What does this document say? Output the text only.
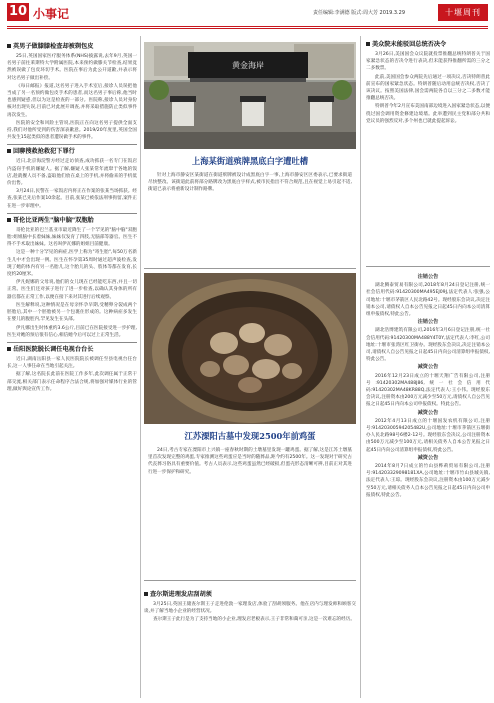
10 小事记	责任编辑:李满德 版式:周大芳 2019.3.29	十堰周刊
英男子做膝膝检查却被剃包皮

25日,英国国家医疗服务体系(NHS)披露说,去年9月,英国一名男子前往莱斯特大学附属医院,本来预约做膝关节检查,结果竟然被误做了包皮环切手术。医院在事后为此公开道歉,并表示将对这名男子做出补偿。

《每日邮报》报道,这名男子进入手术室后,接诊人员误把他当成了另一名预约做包皮手术的患者,而这名男子事后称,他当时也感到疑惑,但以为这是检查的一部分。医院称,接诊人员对身份核对出现失误,目前已对此展开调查,并将采取措施防止类似事件再次发生。

医院的安全和风险主管说,医院正在向这名男子提供全面支持,我们对他所受到的伤害深表歉意。2019/20年度里,英国全国共发生15起类似的患者遭误做手术的事件。

回聊搜救抢救犯下罪行

近日,北京海淀警方经过走访侦查,成功抓获一名专门在饭店内盗窃手机的嫌疑人。据了解,嫌疑人张某常年流窜于各地的饭店,趁就餐人员不备,盗取他们放在桌上的手机,并将偷来的手机低价出售。

3月24日,民警在一家饭店内将正在作案的张某当场抓获。经查,张某已先后作案10余起。目前,张某已被依法刑事拘留,案件正在进一步审理中。

哥伦比亚两生"脑中脑"双胞胎

哥伦比亚的巴兰基亚市最近降生了一个罕见的"脑中脑"双胞胎:姐姐脑中长着妹妹,妹妹仅发育了四肢,无脑部等器官。医生不得不手术取出妹妹。这名叫伊瓦娜的姐姐目前健康。

这是一种十分罕见的病症,医学上称为"寄生胎",每50万名新生儿中才会出现一例。医生在怀孕第35周时通过超声波检查,发现了她的体内有另一名胎儿,这个胎儿的头、肢体等都在发育,长度约20厘米。

伊凡妮娜的父母说,他们的女儿现在已经能吃东西,并且一切正常。医生们还对孩子进行了进一步检查,以确认其身体的所有器官都在正常工作,以便在接下来对其进行后续观察。

医生解释说,这种情况是在母亲怀孕早期,受精卵分裂成两个胚胎后,其中一个胚胎被另一个包裹住形成的。这种病症多发生在婴儿的腹腔内,罕见发生在头部。

伊凡娜出生时体重约3.6公斤,目前已在医院接受进一步护理,医生对她的预后很有信心,相信她今后可以过上正常生活。

岳阳医院脱长调任电视台台长

近日,湖南岳阳县一家人民医院院长被调任至县电视台任台长,这一人事任命在当地引起关注。

据了解,这名院长此前在医院工作多年,此次调任属于正常干部交流,相关部门表示任命程序合法合规,将加强对媒体行业的管理,做好舆论宣传工作。

黄金海岸
上海某街道殡牌黑底白字遭吐槽

针对上海市静安区某街道在街道殡牌被设计成黑底白字一事,上海市静安区区委表示,已要求街道尽快整改。该街道此前将部分路牌改为黑底白字样式,被市民指出不符合规范,且在视觉上易引起不适,街道已表示将重新设计制作路牌。

江苏溧阳古墓中发现2500年前鸡蛋

24日,考古专家在溧阳市上兴镇一座春秋时期的土墩墓里发现一罐鸡蛋。据了解,这是江苏土墩墓里首次发现完整的鸡蛋,专家推测这些鸡蛋应是当时的随葬品,距今约有2500年。这一发现对于研究古代丧葬习俗具有重要价值。考古人员表示,这些鸡蛋虽然已经破损,但蛋壳形态清晰可辨,目前正对其进行进一步保护和研究。

查尔斯进理发店刮胡须

3月25日,英国王储查尔斯王子走进伦敦一家理发店,体验了刮胡须服务。他在店内与理发师和顾客交谈,并了解当地小企业的经营状况。

查尔斯王子此行是为了支持当地的小企业,理发店老板表示,王子非常和蔼可亲,这是一次难忘的经历。

美众院未能驳回总统否决令

3月26日,美国国会众议院就投票推翻总统特朗普关于国家紧急状态的否决令进行表决,但未能获得推翻所需的三分之二多数票。

此前,美国国会参众两院先后通过一项决议,否决特朗普此前宣布的国家紧急状态。特朗普随后动用总统否决权,否决了该决议。按照美国法律,国会需两院各自以三分之二多数才能推翻总统否决。

特朗普今年2月宣布美国南部边境进入国家紧急状态,以便绕过国会调用资金修建边境墙。此举遭到民主党和部分共和党议员的强烈反对,多个州也已就此提起诉讼。

注销公告

湖北腾泰贸易有限公司,2018年8月24日登记注册,统一社会信用代码:91420300MA495EJ09J,法定代表人:张强,公司地址:十堰市茅箭区人民北路42号。现经股东会决议,决定注销本公司,请债权人自本公告见报之日起45日内向本公司清算组申报债权,特此公告。

注销公告

湖北浩博建筑有限公司,2016年3月6日登记注册,统一社会信用代码:91420300MA488Y4T0Y,法定代表人:李红,公司地址:十堰市张湾区红卫街办。现经股东会决议,决定注销本公司,请债权人自公告见报之日起45日内向公司清算组申报债权,特此公告。

减资公告

2016年12月23日成立的十堰天翔广告有限公司,注册号:91420302MA488J86,统一社会信用代码:91420302MA48KR88Q,法定代表人:王小伟。现经股东会决议,注册资本由200万元减少至50万元,请债权人自公告见报之日起45日内向本公司申报债权。特此公告。

减资公告

2012年4月13日成立的十堰国发农机有限公司,注册号:91420300594205482U,公司地址:十堰市茅箭区五堰街办人民北路98号6楼2-12号。现经股东会决议,公司注册资本由500万元减少至100万元,请相关债务人自本公告见报之日起45日内向公司清算组申报债权,特此公告。

减资公告

2014年8月7日成立的竹山县桦莉贸易有限公司,注册号:914203329098181XA,公司地址:十堰市竹山县城关镇,法定代表人:王琼。现经股东会决议,注册资本由100万元减少至50万元,请相关债务人自本公告见报之日起45日内向公司申报债权,特此公告。
